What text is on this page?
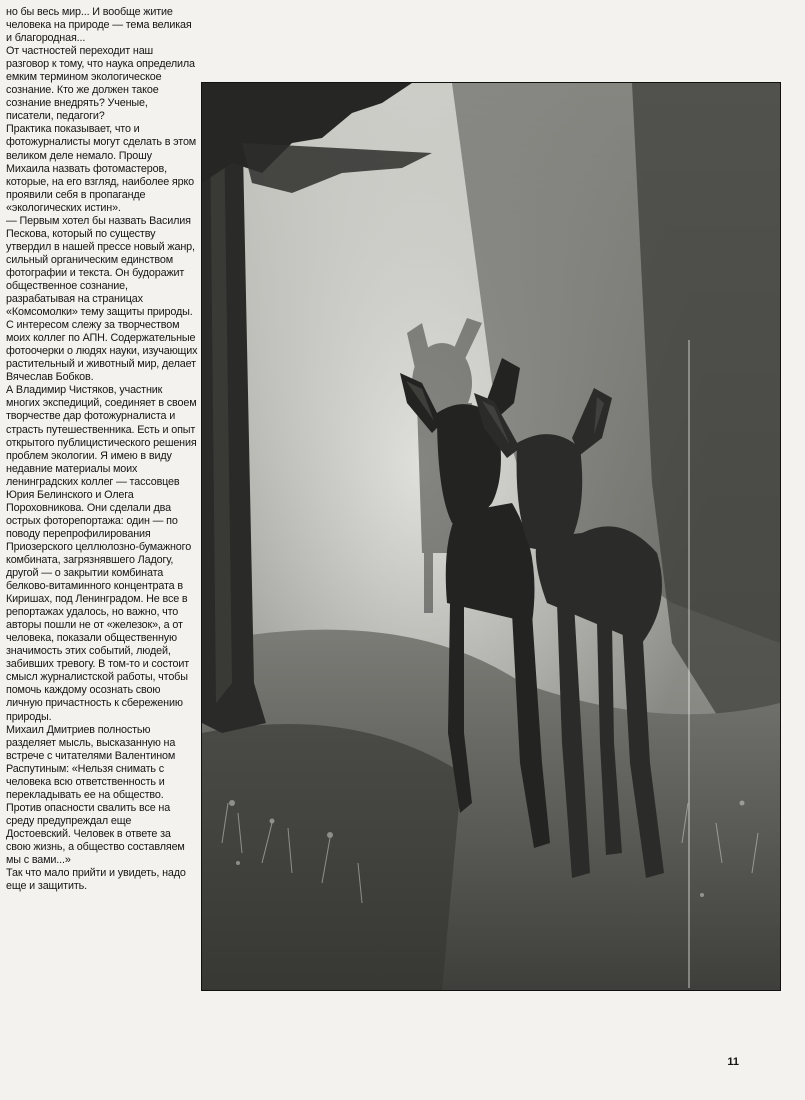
но бы весь мир... И вообще житие человека на природе — тема великая и благородная...

От частностей переходит наш разговор к тому, что наука определила емким термином экологическое сознание. Кто же должен такое сознание внедрять? Ученые, писатели, педагоги?

Практика показывает, что и фотожурналисты могут сделать в этом великом деле немало. Прошу Михаила назвать фотомастеров, которые, на его взгляд, наиболее ярко проявили себя в пропаганде «экологических истин».

— Первым хотел бы назвать Василия Пескова, который по существу утвердил в нашей прессе новый жанр, сильный органическим единством фотографии и текста. Он будоражит общественное сознание, разрабатывая на страницах «Комсомолки» тему защиты природы. С интересом слежу за творчеством моих коллег по АПН. Содержательные фотоочерки о людях науки, изучающих растительный и животный мир, делает Вячеслав Бобков.

А Владимир Чистяков, участник многих экспедиций, соединяет в своем творчестве дар фотожурналиста и страсть путешественника. Есть и опыт открытого публицистического решения проблем экологии. Я имею в виду недавние материалы моих ленинградских коллег — тассовцев Юрия Белинского и Олега Пороховникова. Они сделали два острых фоторепортажа: один — по поводу перепрофилирования Приозерского целлюлозно-бумажного комбината, загрязнявшего Ладогу, другой — о закрытии комбината белково-витаминного концентрата в Киришах, под Ленинградом. Не все в репортажах удалось, но важно, что авторы пошли не от «железок», а от человека, показали общественную значимость этих событий, людей, забивших тревогу. В том-то и состоит смысл журналистской работы, чтобы помочь каждому осознать свою личную причастность к сбережению природы.

Михаил Дмитриев полностью разделяет мысль, высказанную на встрече с читателями Валентином Распутиным: «Нельзя снимать с человека всю ответственность и перекладывать ее на общество. Против опасности свалить все на среду предупреждал еще Достоевский. Человек в ответе за свою жизнь, а общество составляем мы с вами...»

Так что мало прийти и увидеть, надо еще и защитить.

11
